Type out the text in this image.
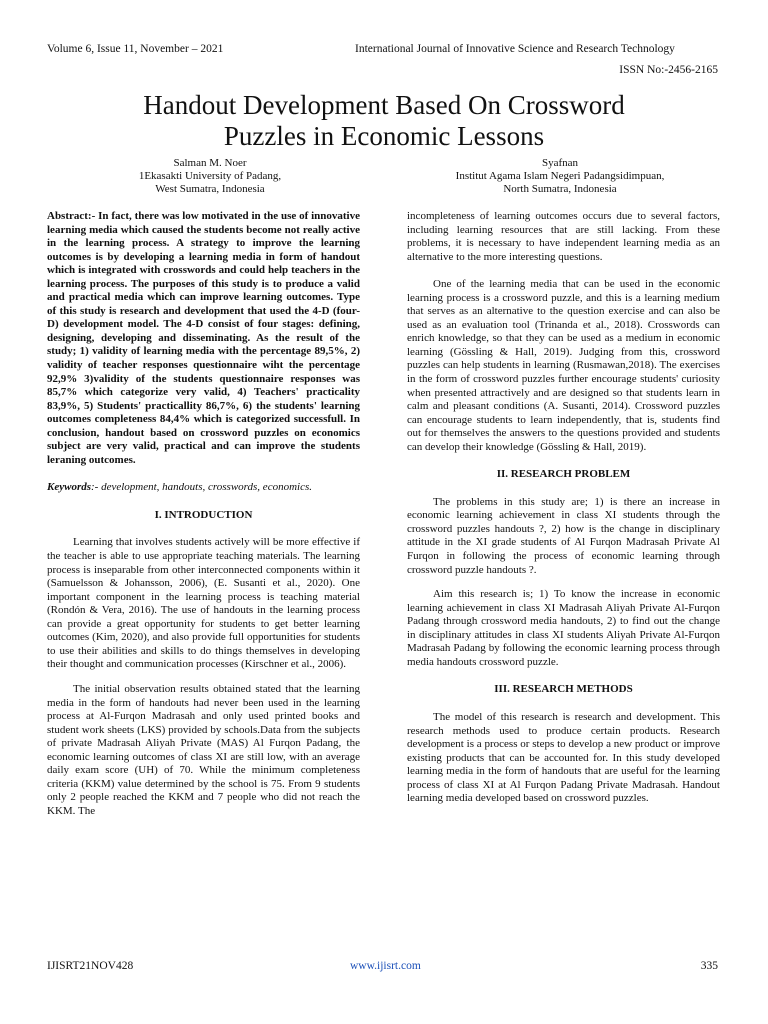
Volume 6, Issue 11, November – 2021	International Journal of Innovative Science and Research Technology
ISSN No:-2456-2165
Handout Development Based On Crossword
Puzzles in Economic Lessons
Salman M. Noer
1Ekasakti University of Padang,
West Sumatra, Indonesia
Syafnan
Institut Agama Islam Negeri Padangsidimpuan,
North Sumatra, Indonesia

Abstract:- In fact, there was low motivated in the use of innovative learning media which caused the students become not really active in the learning process. A strategy to improve the learning outcomes is by developing a learning media in form of handout which is integrated with crosswords and could help teachers in the learning process. The purposes of this study is to produce a valid and practical media which can improve learning outcomes. Type of this study is research and development that used the 4-D (four-D) development model. The 4-D consist of four stages: defining, designing, developing and disseminating. As the result of the study; 1) validity of learning media with the percentage 89,5%, 2) validity of teacher responses questionnaire wiht the percentage 92,9% 3)validity of the students questionnaire responses was 85,7% which categorize very valid, 4) Teachers' practicality 83,9%, 5) Students' practicallity 86,7%, 6) the students' learning outcomes completeness 84,4% which is categorized successfull. In conclusion, handout based on crossword puzzles on economics subject are very valid, practical and can improve the students leraning outcomes.

Keywords:- development, handouts, crosswords, economics.

I. INTRODUCTION

Learning that involves students actively will be more effective if the teacher is able to use appropriate teaching materials. The learning process is inseparable from other interconnected components within it (Samuelsson & Johansson, 2006), (E. Susanti et al., 2020). One important component in the learning process is teaching material (Rondón & Vera, 2016). The use of handouts in the learning process can provide a great opportunity for students to get better learning outcomes (Kim, 2020), and also provide full opportunities for students to use their abilities and skills to do things themselves in developing their thought and communication processes (Kirschner et al., 2006).

The initial observation results obtained stated that the learning media in the form of handouts had never been used in the learning process at Al-Furqon Madrasah and only used printed books and student work sheets (LKS) provided by schools.Data from the subjects of private Madrasah Aliyah Private (MAS) Al Furqon Padang, the economic learning outcomes of class XI are still low, with an average daily exam score (UH) of 70. While the minimum completeness criteria (KKM) value determined by the school is 75. From 9 students only 2 people reached the KKM and 7 people who did not reach the KKM. The

incompleteness of learning outcomes occurs due to several factors, including learning resources that are still lacking. From these problems, it is necessary to have independent learning media as an alternative to the more interesting questions.

One of the learning media that can be used in the economic learning process is a crossword puzzle, and this is a learning medium that serves as an alternative to the question exercise and can also be used as an evaluation tool (Trinanda et al., 2018). Crosswords can enrich knowledge, so that they can be used as a medium in economic learning (Gössling & Hall, 2019). Judging from this, crossword puzzles can help students in learning (Rusmawan,2018). The exercises in the form of crossword puzzles further encourage students' curiosity when presented attractively and are designed so that students learn in calm and pleasant conditions (A. Susanti, 2014). Crossword puzzles can encourage students to learn independently, that is, students find out for themselves the answers to the questions provided and students can develop their knowledge (Gössling & Hall, 2019).

II. RESEARCH PROBLEM

The problems in this study are; 1) is there an increase in economic learning achievement in class XI students through the crossword puzzles handouts ?, 2) how is the change in disciplinary attitude in the XI grade students of Al Furqon Madrasah Private Al Furqon in following the process of economic learning through crossword puzzle handouts ?.

Aim this research is; 1) To know the increase in economic learning achievement in class XI Madrasah Aliyah Private Al-Furqon Padang through crossword media handouts, 2) to find out the change in disciplinary attitudes in class XI students Aliyah Private Al-Furqon Madrasah Padang by following the economic learning process through media handouts crossword puzzle.

III. RESEARCH METHODS

The model of this research is research and development. This research methods used to produce certain products. Research development is a process or steps to develop a new product or improve existing products that can be accounted for. In this study developed learning media in the form of handouts that are useful for the learning process of class XI at Al Furqon Padang Private Madrasah. Handout learning media developed based on crossword puzzles.

IJISRT21NOV428	www.ijisrt.com	335
